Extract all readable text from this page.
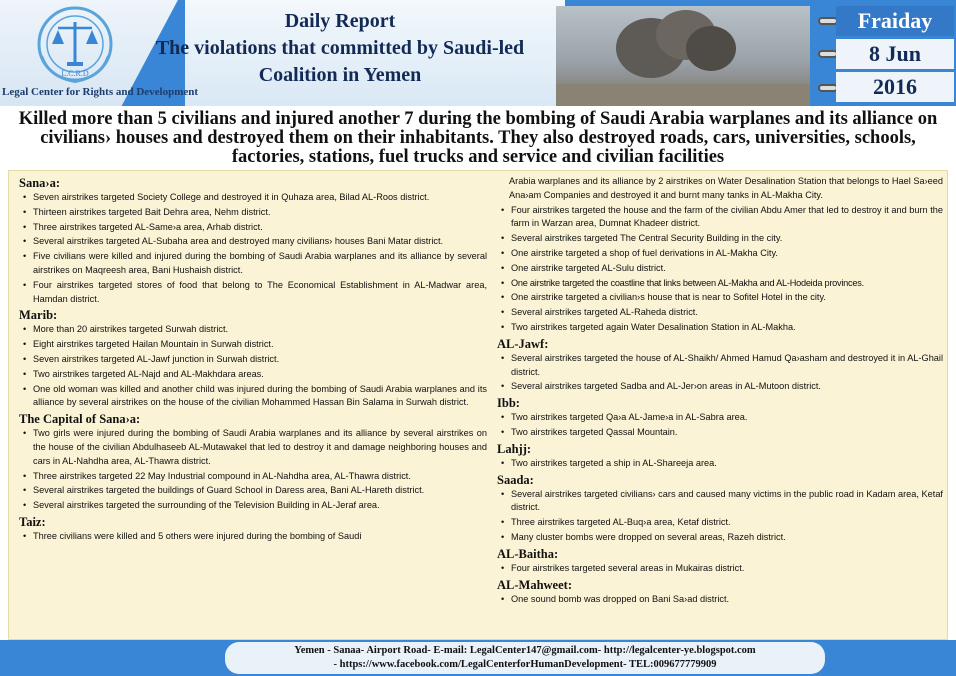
L.C.R.D
Legal Center for Rights and Development
Daily Report
The violations that committed by Saudi-led
Coalition in Yemen
Fraiday
8 Jun
2016
Killed more than 5 civilians and injured another 7 during the bombing of Saudi Arabia warplanes and its alliance on civilians› houses and destroyed them on their inhabitants. They also destroyed roads, cars, universities, schools, factories, stations, fuel trucks and service and civilian facilities
Sana›a:
• Seven airstrikes targeted Society College and destroyed it in Quhaza area, Bilad AL-Roos district.
• Thirteen airstrikes targeted Bait Dehra area, Nehm district.
• Three airstrikes targeted AL-Same›a area, Arhab district.
• Several airstrikes targeted AL-Subaha area and destroyed many civilians› houses Bani Matar district.
• Five civilians were killed and injured during the bombing of Saudi Arabia warplanes and its alliance by several airstrikes on Maqreesh area, Bani Hushaish district.
• Four airstrikes targeted stores of food that belong to The Economical Establishment in AL-Madwar area, Hamdan district.
Marib:
• More than 20 airstrikes targeted Surwah district.
• Eight airstrikes targeted Hailan Mountain in Surwah district.
• Seven airstrikes targeted AL-Jawf junction in Surwah district.
• Two airstrikes targeted AL-Najd and AL-Makhdara areas.
• One old woman was killed and another child was injured during the bombing of Saudi Arabia warplanes and its alliance by several airstrikes on the house of the civilian Mohammed Hassan Bin Salama in Surwah district.
The Capital of Sana›a:
• Two girls were injured during the bombing of Saudi Arabia warplanes and its alliance by several airstrikes on the house of the civilian Abdulhaseeb AL-Mutawakel that led to destroy it and damage neighboring houses and cars in AL-Nahdha area, AL-Thawra district.
• Three airstrikes targeted 22 May Industrial compound in AL-Nahdha area, AL-Thawra district.
• Several airstrikes targeted the buildings of Guard School in Daress area, Bani AL-Hareth district.
• Several airstrikes targeted the surrounding of the Television Building in AL-Jeraf area.
Taiz:
• Three civilians were killed and 5 others were injured during the bombing of Saudi
Arabia warplanes and its alliance by 2 airstrikes on Water Desalination Station that belongs to Hael Sa›eed Ana›am Companies and destroyed it and burnt many tanks in AL-Makha City.
• Four airstrikes targeted the house and the farm of the civilian Abdu Amer that led to destroy it and burn the farm in Warzan area, Dumnat Khadeer district.
• Several airstrikes targeted The Central Security Building in the city.
• One airstrike targeted a shop of fuel derivations in AL-Makha City.
• One airstrike targeted AL-Sulu district.
• One airstrike targeted the coastline that links between AL-Makha and AL-Hodeida provinces.
• One airstrike targeted a civilian›s house that is near to Sofitel Hotel in the city.
• Several airstrikes targeted AL-Raheda district.
• Two airstrikes targeted again Water Desalination Station in AL-Makha.
AL-Jawf:
• Several airstrikes targeted the house of AL-Shaikh/ Ahmed Hamud Qa›asham and destroyed it in AL-Ghail district.
• Several airstrikes targeted Sadba and AL-Jer›on areas in AL-Mutoon district.
Ibb:
• Two airstrikes targeted Qa›a AL-Jame›a in AL-Sabra area.
• Two airstrikes targeted Qassal Mountain.
Lahjj:
• Two airstrikes targeted a ship in AL-Shareeja area.
Saada:
• Several airstrikes targeted civilians› cars and caused many victims in the public road in Kadam area, Ketaf district.
• Three airstrikes targeted AL-Buq›a area, Ketaf district.
• Many cluster bombs were dropped on several areas, Razeh district.
AL-Baitha:
• Four airstrikes targeted several areas in Mukairas district.
AL-Mahweet:
• One sound bomb was dropped on Bani Sa›ad district.
Yemen - Sanaa- Airport Road- E-mail: LegalCenter147@gmail.com- http://legalcenter-ye.blogspot.com
- https://www.facebook.com/LegalCenterforHumanDevelopment- TEL:009677779909
